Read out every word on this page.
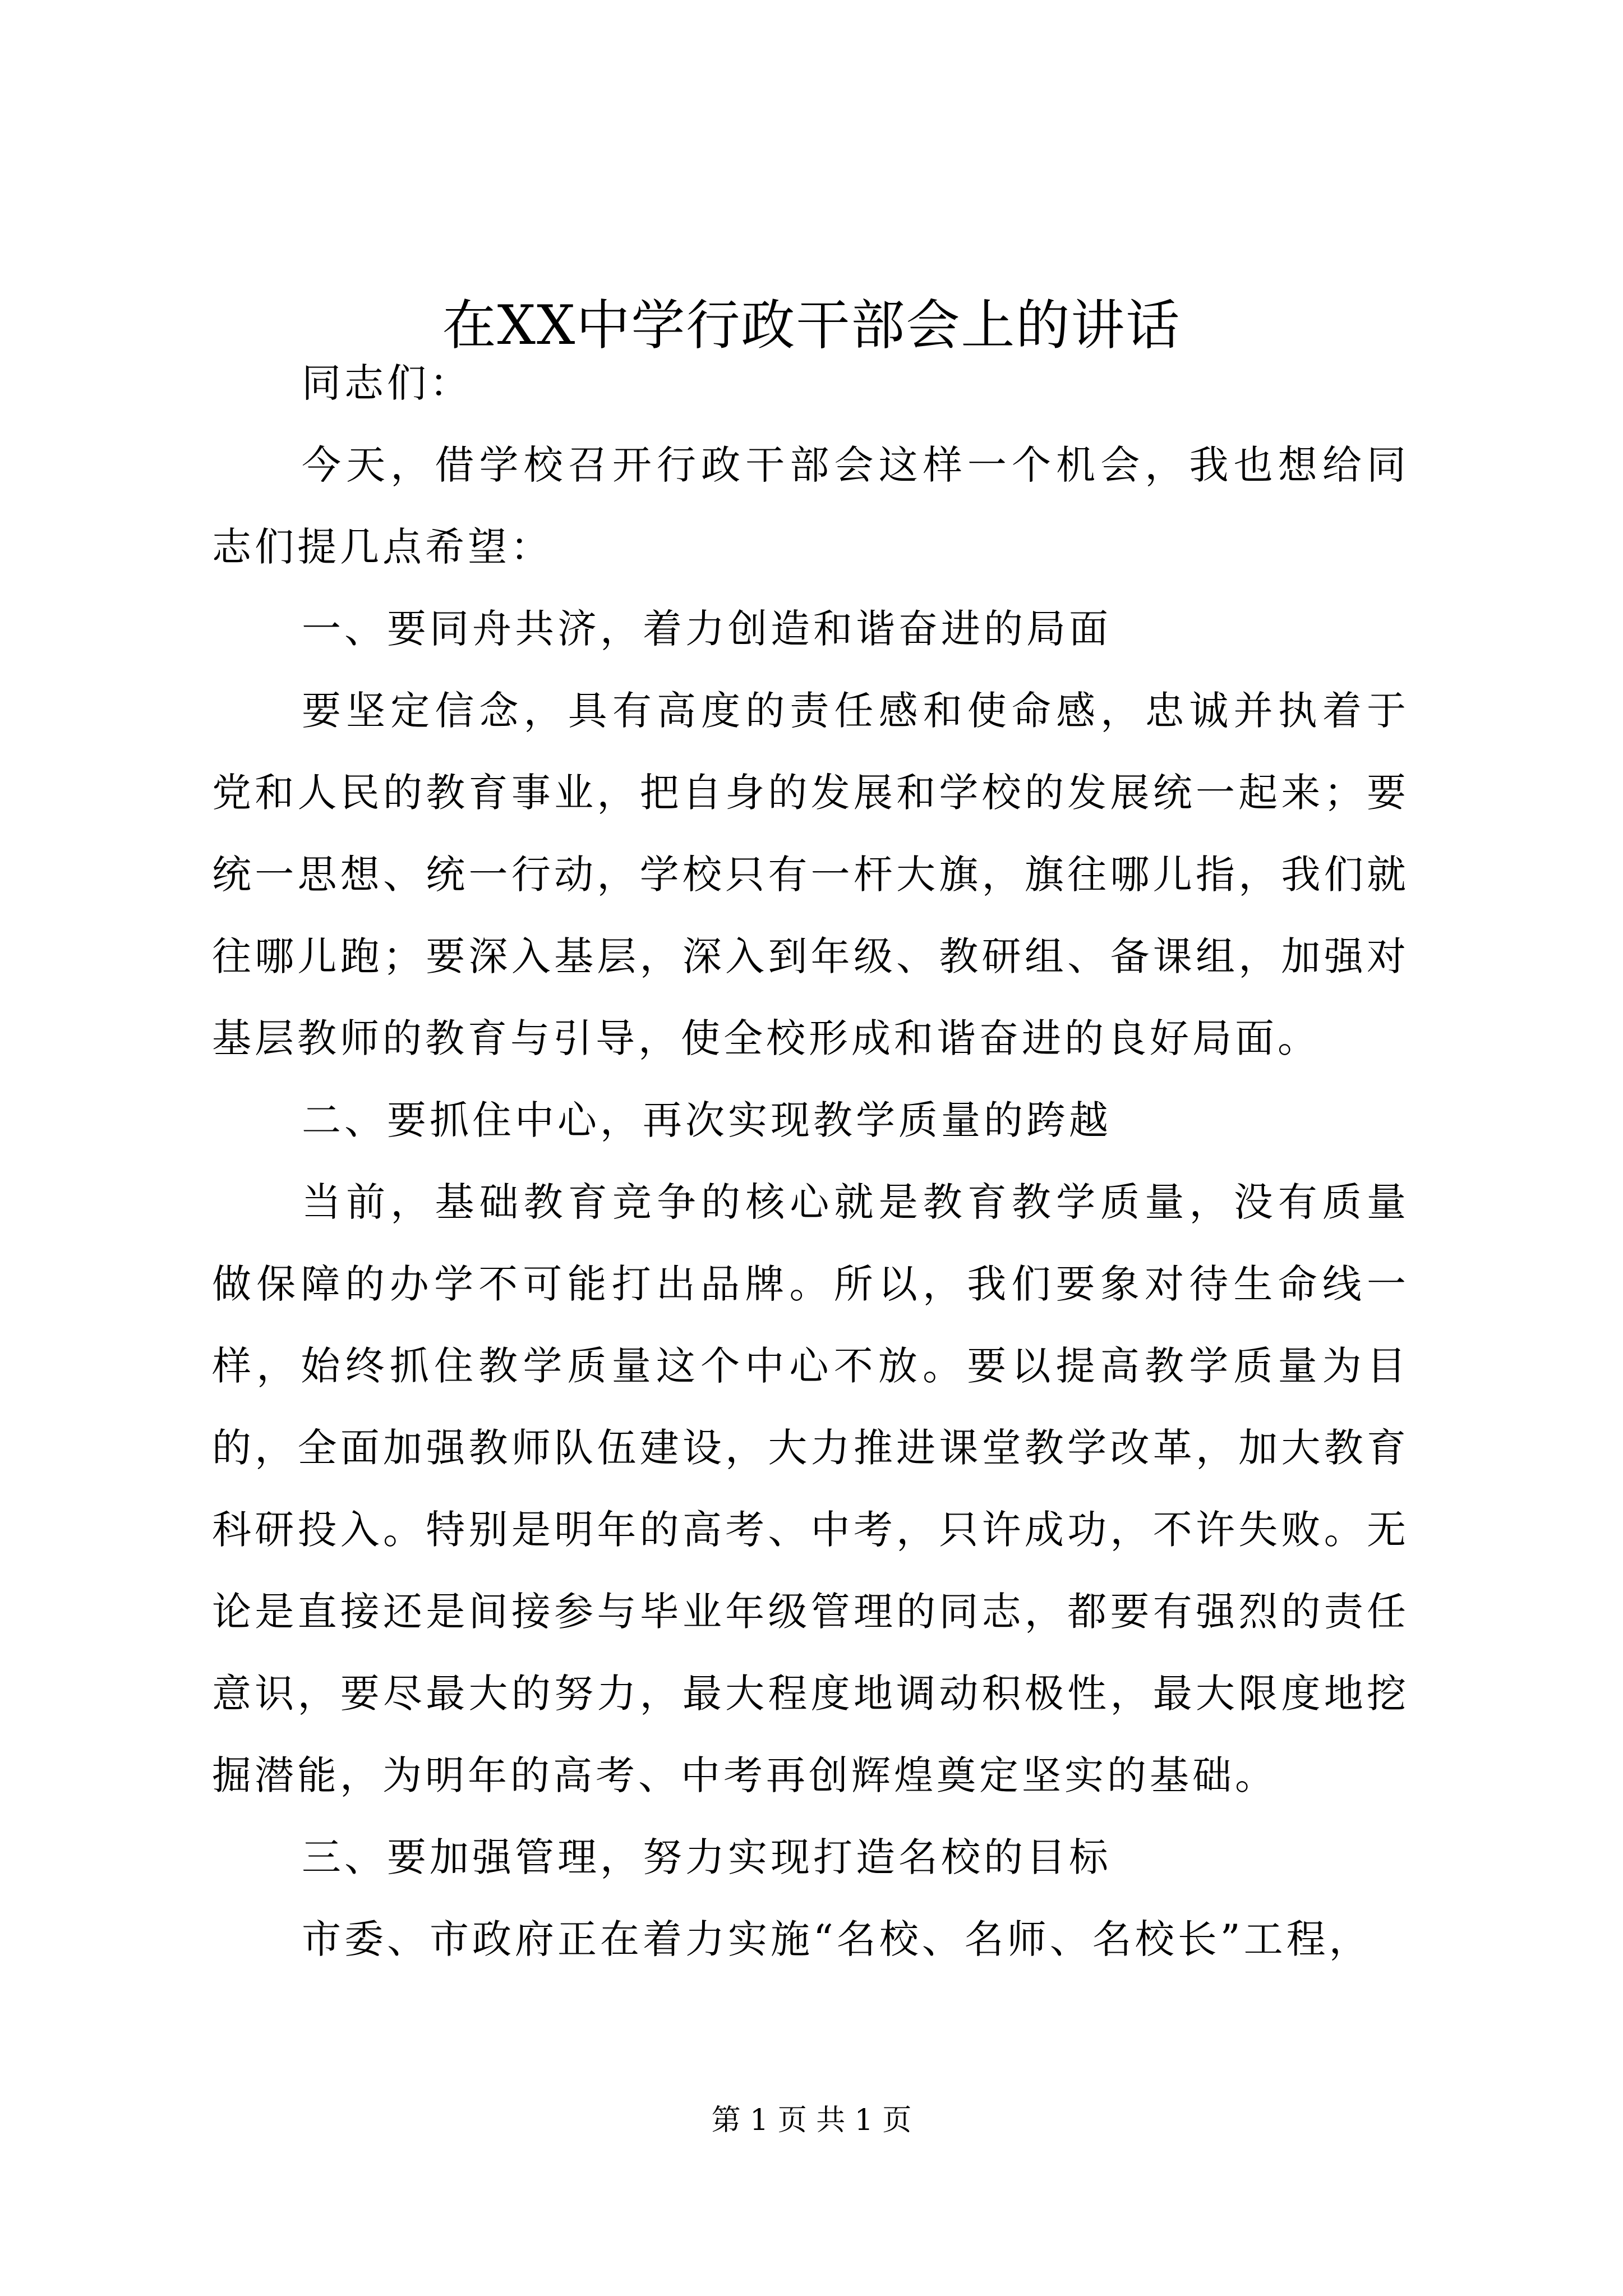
在XX中学行政干部会上的讲话

同志们：

今天，借学校召开行政干部会这样一个机会，我也想给同志们提几点希望：

一、要同舟共济，着力创造和谐奋进的局面

要坚定信念，具有高度的责任感和使命感，忠诚并执着于党和人民的教育事业，把自身的发展和学校的发展统一起来；要统一思想、统一行动，学校只有一杆大旗，旗往哪儿指，我们就往哪儿跑；要深入基层，深入到年级、教研组、备课组，加强对基层教师的教育与引导，使全校形成和谐奋进的良好局面。

二、要抓住中心，再次实现教学质量的跨越

当前，基础教育竞争的核心就是教育教学质量，没有质量做保障的办学不可能打出品牌。所以，我们要象对待生命线一样，始终抓住教学质量这个中心不放。要以提高教学质量为目的，全面加强教师队伍建设，大力推进课堂教学改革，加大教育科研投入。特别是明年的高考、中考，只许成功，不许失败。无论是直接还是间接参与毕业年级管理的同志，都要有强烈的责任意识，要尽最大的努力，最大程度地调动积极性，最大限度地挖掘潜能，为明年的高考、中考再创辉煌奠定坚实的基础。

三、要加强管理，努力实现打造名校的目标

市委、市政府正在着力实施“名校、名师、名校长”工程，

第 1 页 共 1 页
